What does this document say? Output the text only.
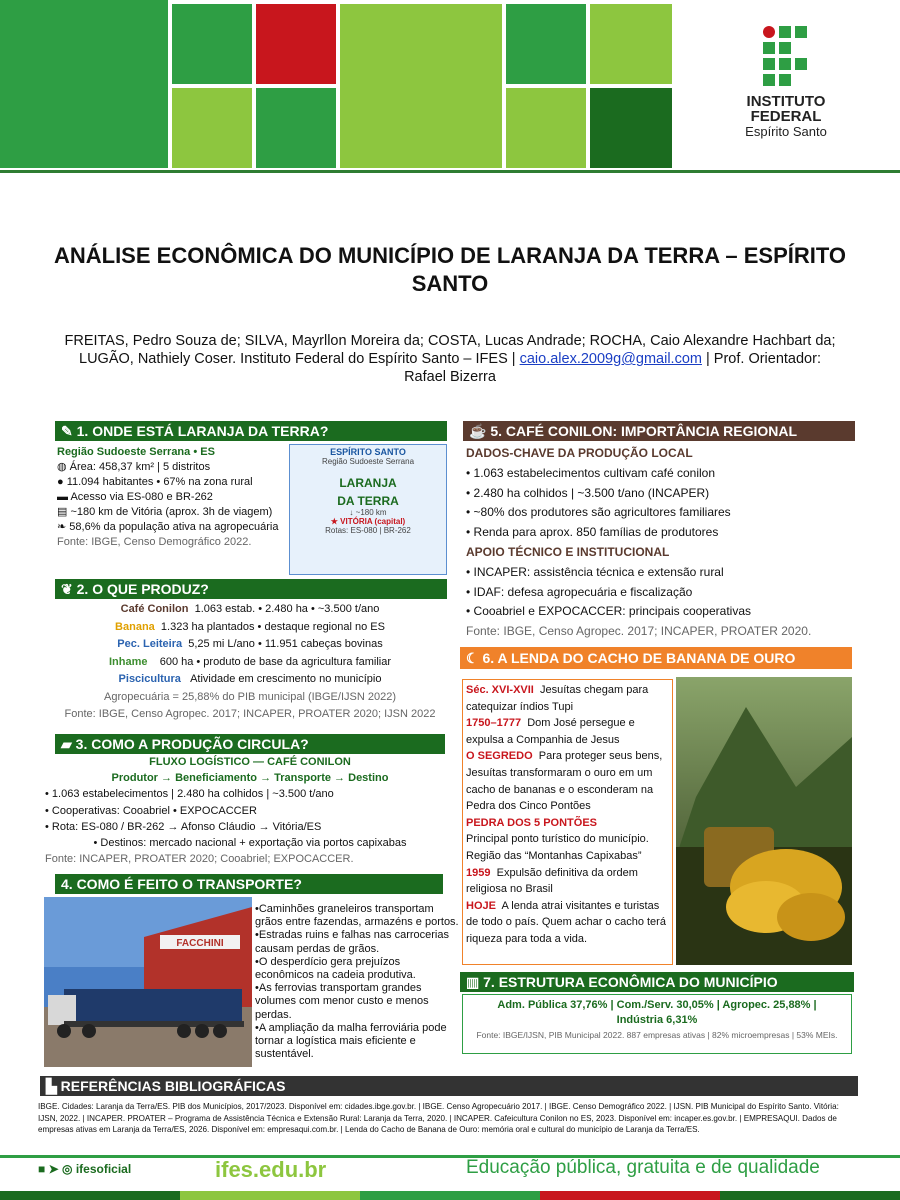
INSTITUTO
FEDERAL
Espírito Santo
ANÁLISE ECONÔMICA DO MUNICÍPIO DE LARANJA DA TERRA – ESPÍRITO SANTO
FREITAS, Pedro Souza de; SILVA, Mayrllon Moreira da; COSTA, Lucas Andrade; ROCHA, Caio Alexandre Hachbart da;
LUGÃO, Nathiely Coser. Instituto Federal do Espírito Santo – IFES | caio.alex.2009g@gmail.com | Prof. Orientador:
Rafael Bizerra
✎ 1. ONDE ESTÁ LARANJA DA TERRA?
Região Sudoeste Serrana • ES
◍ Área: 458,37 km² | 5 distritos
● 11.094 habitantes • 67% na zona rural
▬ Acesso via ES-080 e BR-262
▤ ~180 km de Vitória (aprox. 3h de viagem)
❧ 58,6% da população ativa na agropecuária
Fonte: IBGE, Censo Demográfico 2022.
ESPÍRITO SANTO
Região Sudoeste Serrana
LARANJA
DA TERRA
↓ ~180 km
★ VITÓRIA (capital)
Rotas: ES-080 | BR-262
❦ 2. O QUE PRODUZ?
Café Conilon 1.063 estab. • 2.480 ha • ~3.500 t/ano
Banana 1.323 ha plantados • destaque regional no ES
Pec. Leiteira 5,25 mi L/ano • 11.951 cabeças bovinas
Inhame 600 ha • produto de base da agricultura familiar
Piscicultura Atividade em crescimento no município
Agropecuária = 25,88% do PIB municipal (IBGE/IJSN 2022)
Fonte: IBGE, Censo Agropec. 2017; INCAPER, PROATER 2020; IJSN 2022
▰ 3. COMO A PRODUÇÃO CIRCULA?
FLUXO LOGÍSTICO — CAFÉ CONILON
Produtor → Beneficiamento → Transporte → Destino
• 1.063 estabelecimentos | 2.480 ha colhidos | ~3.500 t/ano
• Cooperativas: Cooabriel • EXPOCACCER
• Rota: ES-080 / BR-262 → Afonso Cláudio → Vitória/ES
• Destinos: mercado nacional + exportação via portos capixabas
Fonte: INCAPER, PROATER 2020; Cooabriel; EXPOCACCER.
4. COMO É FEITO O TRANSPORTE?
FACCHINI
•Caminhões graneleiros transportam grãos entre fazendas, armazéns e portos.
•Estradas ruins e falhas nas carrocerias causam perdas de grãos.
•O desperdício gera prejuízos econômicos na cadeia produtiva.
•As ferrovias transportam grandes volumes com menor custo e menos perdas.
•A ampliação da malha ferroviária pode tornar a logística mais eficiente e sustentável.
☕ 5. CAFÉ CONILON: IMPORTÂNCIA REGIONAL
DADOS-CHAVE DA PRODUÇÃO LOCAL
• 1.063 estabelecimentos cultivam café conilon
• 2.480 ha colhidos | ~3.500 t/ano (INCAPER)
• ~80% dos produtores são agricultores familiares
• Renda para aprox. 850 famílias de produtores
APOIO TÉCNICO E INSTITUCIONAL
• INCAPER: assistência técnica e extensão rural
• IDAF: defesa agropecuária e fiscalização
• Cooabriel e EXPOCACCER: principais cooperativas
Fonte: IBGE, Censo Agropec. 2017; INCAPER, PROATER 2020.
☾ 6. A LENDA DO CACHO DE BANANA DE OURO
Séc. XVI-XVII Jesuítas chegam para catequizar índios Tupi
1750–1777 Dom José persegue e expulsa a Companhia de Jesus
O SEGREDO Para proteger seus bens, Jesuítas transformaram o ouro em um cacho de bananas e o esconderam na Pedra dos Cinco Pontões
PEDRA DOS 5 PONTÕES
Principal ponto turístico do município. Região das “Montanhas Capixabas”
1959 Expulsão definitiva da ordem religiosa no Brasil
HOJE A lenda atrai visitantes e turistas de todo o país. Quem achar o cacho terá riqueza para toda a vida.
▥ 7. ESTRUTURA ECONÔMICA DO MUNICÍPIO
Adm. Pública 37,76% | Com./Serv. 30,05% | Agropec. 25,88% |
Indústria 6,31%
Fonte: IBGE/IJSN, PIB Municipal 2022. 887 empresas ativas | 82% microempresas | 53% MEIs.
▙ REFERÊNCIAS BIBLIOGRÁFICAS
IBGE. Cidades: Laranja da Terra/ES. PIB dos Municípios, 2017/2023. Disponível em: cidades.ibge.gov.br. | IBGE. Censo Agropecuário 2017. | IBGE. Censo Demográfico 2022. | IJSN. PIB Municipal do Espírito Santo. Vitória: IJSN, 2022. | INCAPER. PROATER – Programa de Assistência Técnica e Extensão Rural: Laranja da Terra, 2020. | INCAPER. Cafeicultura Conilon no ES, 2023. Disponível em: incaper.es.gov.br. | EMPRESAQUI. Dados de empresas ativas em Laranja da Terra/ES, 2026. Disponível em: empresaqui.com.br. | Lenda do Cacho de Banana de Ouro: memória oral e cultural do município de Laranja da Terra/ES.
■ ➤ ◎ ifesoficial	ifes.edu.br	Educação pública, gratuita e de qualidade
